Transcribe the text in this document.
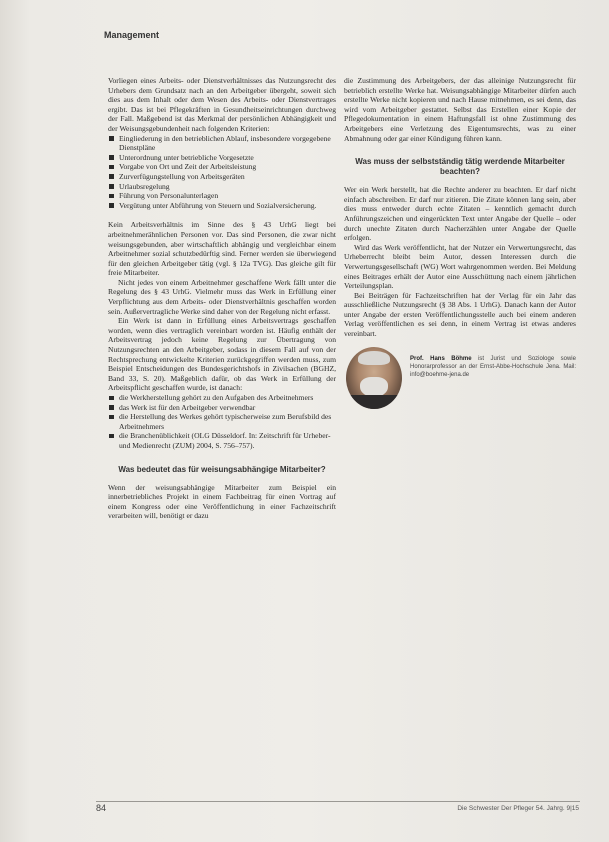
Management

Vorliegen eines Arbeits- oder Dienstverhältnisses das Nutzungsrecht des Urhebers dem Grundsatz nach an den Arbeitgeber übergeht, soweit sich dies aus dem Inhalt oder dem Wesen des Arbeits- oder Dienstvertrages ergibt. Das ist bei Pflegekräften in Gesundheitseinrichtungen durchweg der Fall. Maßgebend ist das Merkmal der persönlichen Abhängigkeit und der Weisungsgebundenheit nach folgenden Kriterien:

Eingliederung in den betrieblichen Ablauf, insbesondere vorgegebene Dienstpläne
Unterordnung unter betriebliche Vorgesetzte
Vorgabe von Ort und Zeit der Arbeitsleistung
Zurverfügungstellung von Arbeitsgeräten
Urlaubsregelung
Führung von Personalunterlagen
Vergütung unter Abführung von Steuern und Sozialversicherung.

Kein Arbeitsverhältnis im Sinne des § 43 UrhG liegt bei arbeitnehmerähnlichen Personen vor. Das sind Personen, die zwar nicht weisungsgebunden, aber wirtschaftlich abhängig und vergleichbar einem Arbeitnehmer sozial schutzbedürftig sind. Ferner werden sie überwiegend für den gleichen Arbeitgeber tätig (vgl. § 12a TVG). Das gleiche gilt für freie Mitarbeiter.

Nicht jedes von einem Arbeitnehmer geschaffene Werk fällt unter die Regelung des § 43 UrhG. Vielmehr muss das Werk in Erfüllung einer Verpflichtung aus dem Arbeits- oder Dienstverhältnis geschaffen worden sein. Außervertragliche Werke sind daher von der Regelung nicht erfasst.

Ein Werk ist dann in Erfüllung eines Arbeitsvertrags geschaffen worden, wenn dies vertraglich vereinbart worden ist. Häufig enthält der Arbeitsvertrag jedoch keine Regelung zur Übertragung von Nutzungsrechten an den Arbeitgeber, sodass in diesem Fall auf von der Rechtsprechung entwickelte Kriterien zurückgegriffen werden muss, zum Beispiel Entscheidungen des Bundesgerichtshofs in Zivilsachen (BGHZ, Band 33, S. 20). Maßgeblich dafür, ob das Werk in Erfüllung der Arbeitspflicht geschaffen wurde, ist danach:

die Werkherstellung gehört zu den Aufgaben des Arbeitnehmers
das Werk ist für den Arbeitgeber verwendbar
die Herstellung des Werkes gehört typischerweise zum Berufsbild des Arbeitnehmers
die Branchenüblichkeit (OLG Düsseldorf. In: Zeitschrift für Urheber- und Medienrecht (ZUM) 2004, S. 756–757).
Was bedeutet das für weisungsabhängige Mitarbeiter?

Wenn der weisungsabhängige Mitarbeiter zum Beispiel ein innerbetriebliches Projekt in einem Fachbeitrag für einen Vortrag auf einem Kongress oder eine Veröffentlichung in einer Fachzeitschrift verarbeiten will, benötigt er dazu

die Zustimmung des Arbeitgebers, der das alleinige Nutzungsrecht für betrieblich erstellte Werke hat. Weisungsabhängige Mitarbeiter dürfen auch erstellte Werke nicht kopieren und nach Hause mitnehmen, es sei denn, das wird vom Arbeitgeber gestattet. Selbst das Erstellen einer Kopie der Pflegedokumentation in einem Haftungsfall ist ohne Zustimmung des Arbeitgebers eine Verletzung des Eigentumsrechts, was zu einer Abmahnung oder gar einer Kündigung führen kann.

Was muss der selbstständig tätig werdende Mitarbeiter beachten?

Wer ein Werk herstellt, hat die Rechte anderer zu beachten. Er darf nicht einfach abschreiben. Er darf nur zitieren. Die Zitate können lang sein, aber dies muss entweder durch echte Zitaten – kenntlich gemacht durch Anführungszeichen und eingerückten Text unter Angabe der Quelle – oder durch unechte Zitaten durch Nacherzählen unter Angabe der Quelle erfolgen.

Wird das Werk veröffentlicht, hat der Nutzer ein Verwertungsrecht, das Urheberrecht bleibt beim Autor, dessen Interessen durch die Verwertungsgesellschaft (WG) Wort wahrgenommen werden. Bei Meldung eines Beitrages erhält der Autor eine Ausschüttung nach einem jährlichen Verteilungsplan.

Bei Beiträgen für Fachzeitschriften hat der Verlag für ein Jahr das ausschließliche Nutzungsrecht (§ 38 Abs. 1 UrhG). Danach kann der Autor unter Angabe der ersten Veröffentlichungsstelle auch bei einem anderen Verlag veröffentlichen es sei denn, in einem Vertrag ist etwas anderes vereinbart.

Prof. Hans Böhme ist Jurist und Soziologe sowie Honorarprofessor an der Ernst-Abbe-Hochschule Jena. Mail: info@boehme-jena.de
84	Die Schwester Der Pfleger 54. Jahrg. 9|15
